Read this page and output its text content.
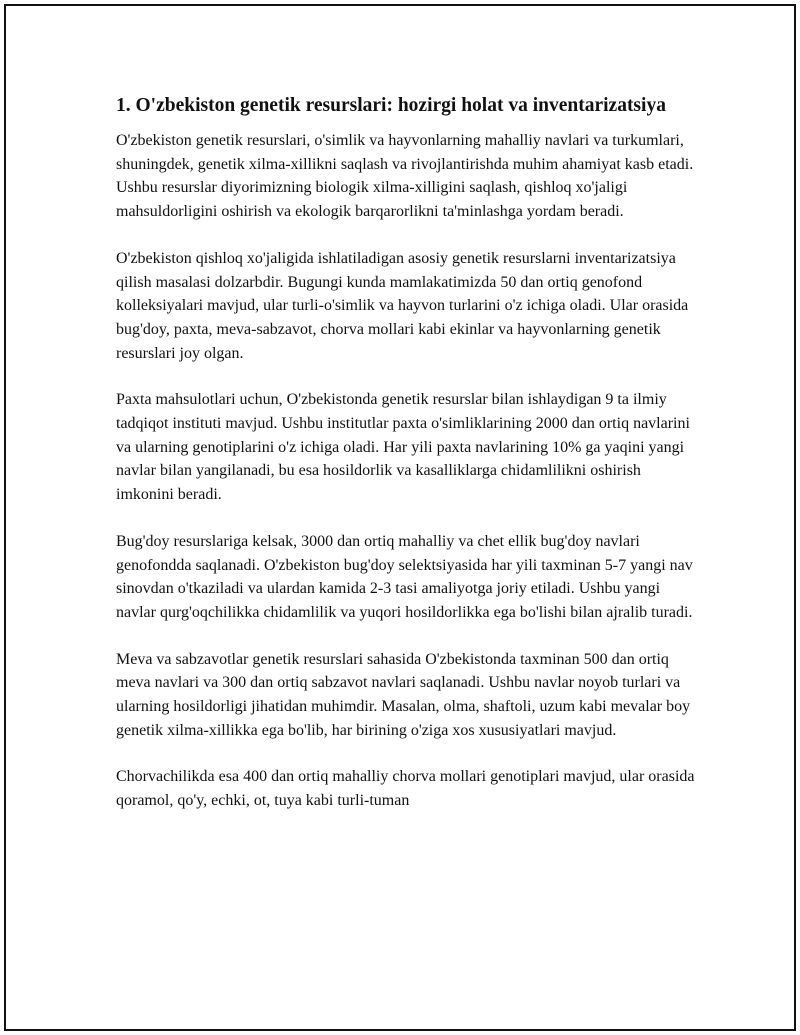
1. O'zbekiston genetik resurslari: hozirgi holat va inventarizatsiya

O'zbekiston genetik resurslari, o'simlik va hayvonlarning mahalliy navlari va turkumlari, shuningdek, genetik xilma-xillikni saqlash va rivojlantirishda muhim ahamiyat kasb etadi. Ushbu resurslar diyorimizning biologik xilma-xilligini saqlash, qishloq xo'jaligi mahsuldorligini oshirish va ekologik barqarorlikni ta'minlashga yordam beradi.

O'zbekiston qishloq xo'jaligida ishlatiladigan asosiy genetik resurslarni inventarizatsiya qilish masalasi dolzarbdir. Bugungi kunda mamlakatimizda 50 dan ortiq genofond kolleksiyalari mavjud, ular turli-o'simlik va hayvon turlarini o'z ichiga oladi. Ular orasida bug'doy, paxta, meva-sabzavot, chorva mollari kabi ekinlar va hayvonlarning genetik resurslari joy olgan.

Paxta mahsulotlari uchun, O'zbekistonda genetik resurslar bilan ishlaydigan 9 ta ilmiy tadqiqot instituti mavjud. Ushbu institutlar paxta o'simliklarining 2000 dan ortiq navlarini va ularning genotiplarini o'z ichiga oladi. Har yili paxta navlarining 10% ga yaqini yangi navlar bilan yangilanadi, bu esa hosildorlik va kasalliklarga chidamlilikni oshirish imkonini beradi.

Bug'doy resurslariga kelsak, 3000 dan ortiq mahalliy va chet ellik bug'doy navlari genofondda saqlanadi. O'zbekiston bug'doy selektsiyasida har yili taxminan 5-7 yangi nav sinovdan o'tkaziladi va ulardan kamida 2-3 tasi amaliyotga joriy etiladi. Ushbu yangi navlar qurg'oqchilikka chidamlilik va yuqori hosildorlikka ega bo'lishi bilan ajralib turadi.

Meva va sabzavotlar genetik resurslari sahasida O'zbekistonda taxminan 500 dan ortiq meva navlari va 300 dan ortiq sabzavot navlari saqlanadi. Ushbu navlar noyob turlari va ularning hosildorligi jihatidan muhimdir. Masalan, olma, shaftoli, uzum kabi mevalar boy genetik xilma-xillikka ega bo'lib, har birining o'ziga xos xususiyatlari mavjud.

Chorvachilikda esa 400 dan ortiq mahalliy chorva mollari genotiplari mavjud, ular orasida qoramol, qo'y, echki, ot, tuya kabi turli-tuman
